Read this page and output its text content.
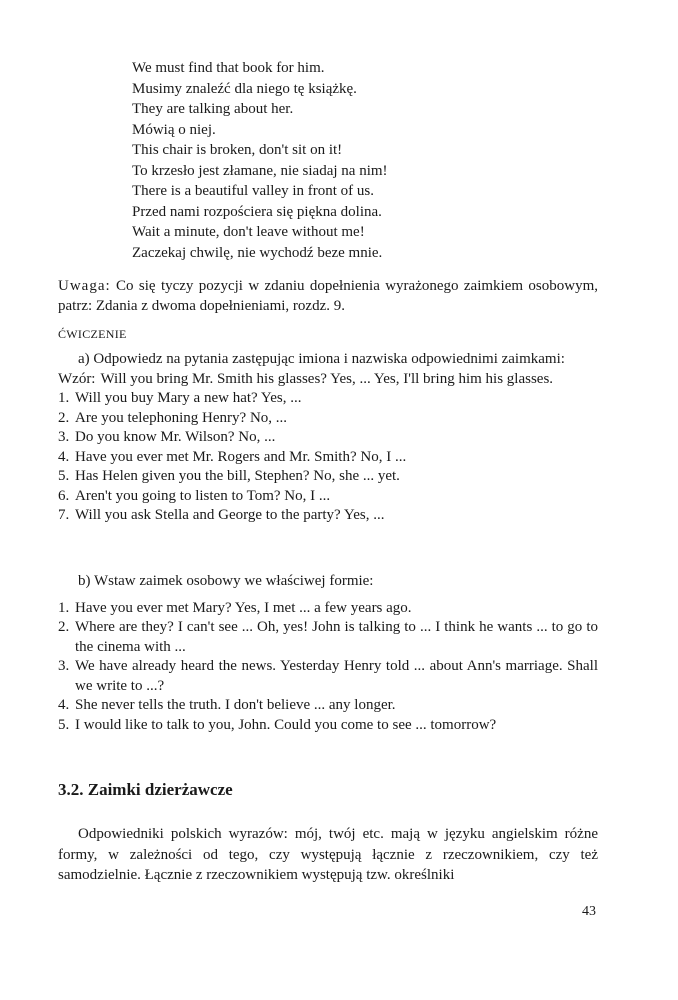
We must find that book for him.
Musimy znaleźć dla niego tę książkę.
They are talking about her.
Mówią o niej.
This chair is broken, don't sit on it!
To krzesło jest złamane, nie siadaj na nim!
There is a beautiful valley in front of us.
Przed nami rozpościera się piękna dolina.
Wait a minute, don't leave without me!
Zaczekaj chwilę, nie wychodź beze mnie.
Uwaga: Co się tyczy pozycji w zdaniu dopełnienia wyrażonego zaimkiem osobowym, patrz: Zdania z dwoma dopełnieniami, rozdz. 9.
ĆWICZENIE
a) Odpowiedz na pytania zastępując imiona i nazwiska odpowiednimi zaimkami:
Wzór: Will you bring Mr. Smith his glasses? Yes, ... Yes, I'll bring him his glasses.
1. Will you buy Mary a new hat? Yes, ...
2. Are you telephoning Henry? No, ...
3. Do you know Mr. Wilson? No, ...
4. Have you ever met Mr. Rogers and Mr. Smith? No, I ...
5. Has Helen given you the bill, Stephen? No, she ... yet.
6. Aren't you going to listen to Tom? No, I ...
7. Will you ask Stella and George to the party? Yes, ...
b) Wstaw zaimek osobowy we właściwej formie:
1. Have you ever met Mary? Yes, I met ... a few years ago.
2. Where are they? I can't see ... Oh, yes! John is talking to ... I think he wants ... to go to the cinema with ...
3. We have already heard the news. Yesterday Henry told ... about Ann's marriage. Shall we write to ...?
4. She never tells the truth. I don't believe ... any longer.
5. I would like to talk to you, John. Could you come to see ... tomorrow?
3.2. Zaimki dzierżawcze
Odpowiedniki polskich wyrazów: mój, twój etc. mają w języku angielskim różne formy, w zależności od tego, czy występują łącznie z rzeczownikiem, czy też samodzielnie. Łącznie z rzeczownikiem występują tzw. określniki
43
